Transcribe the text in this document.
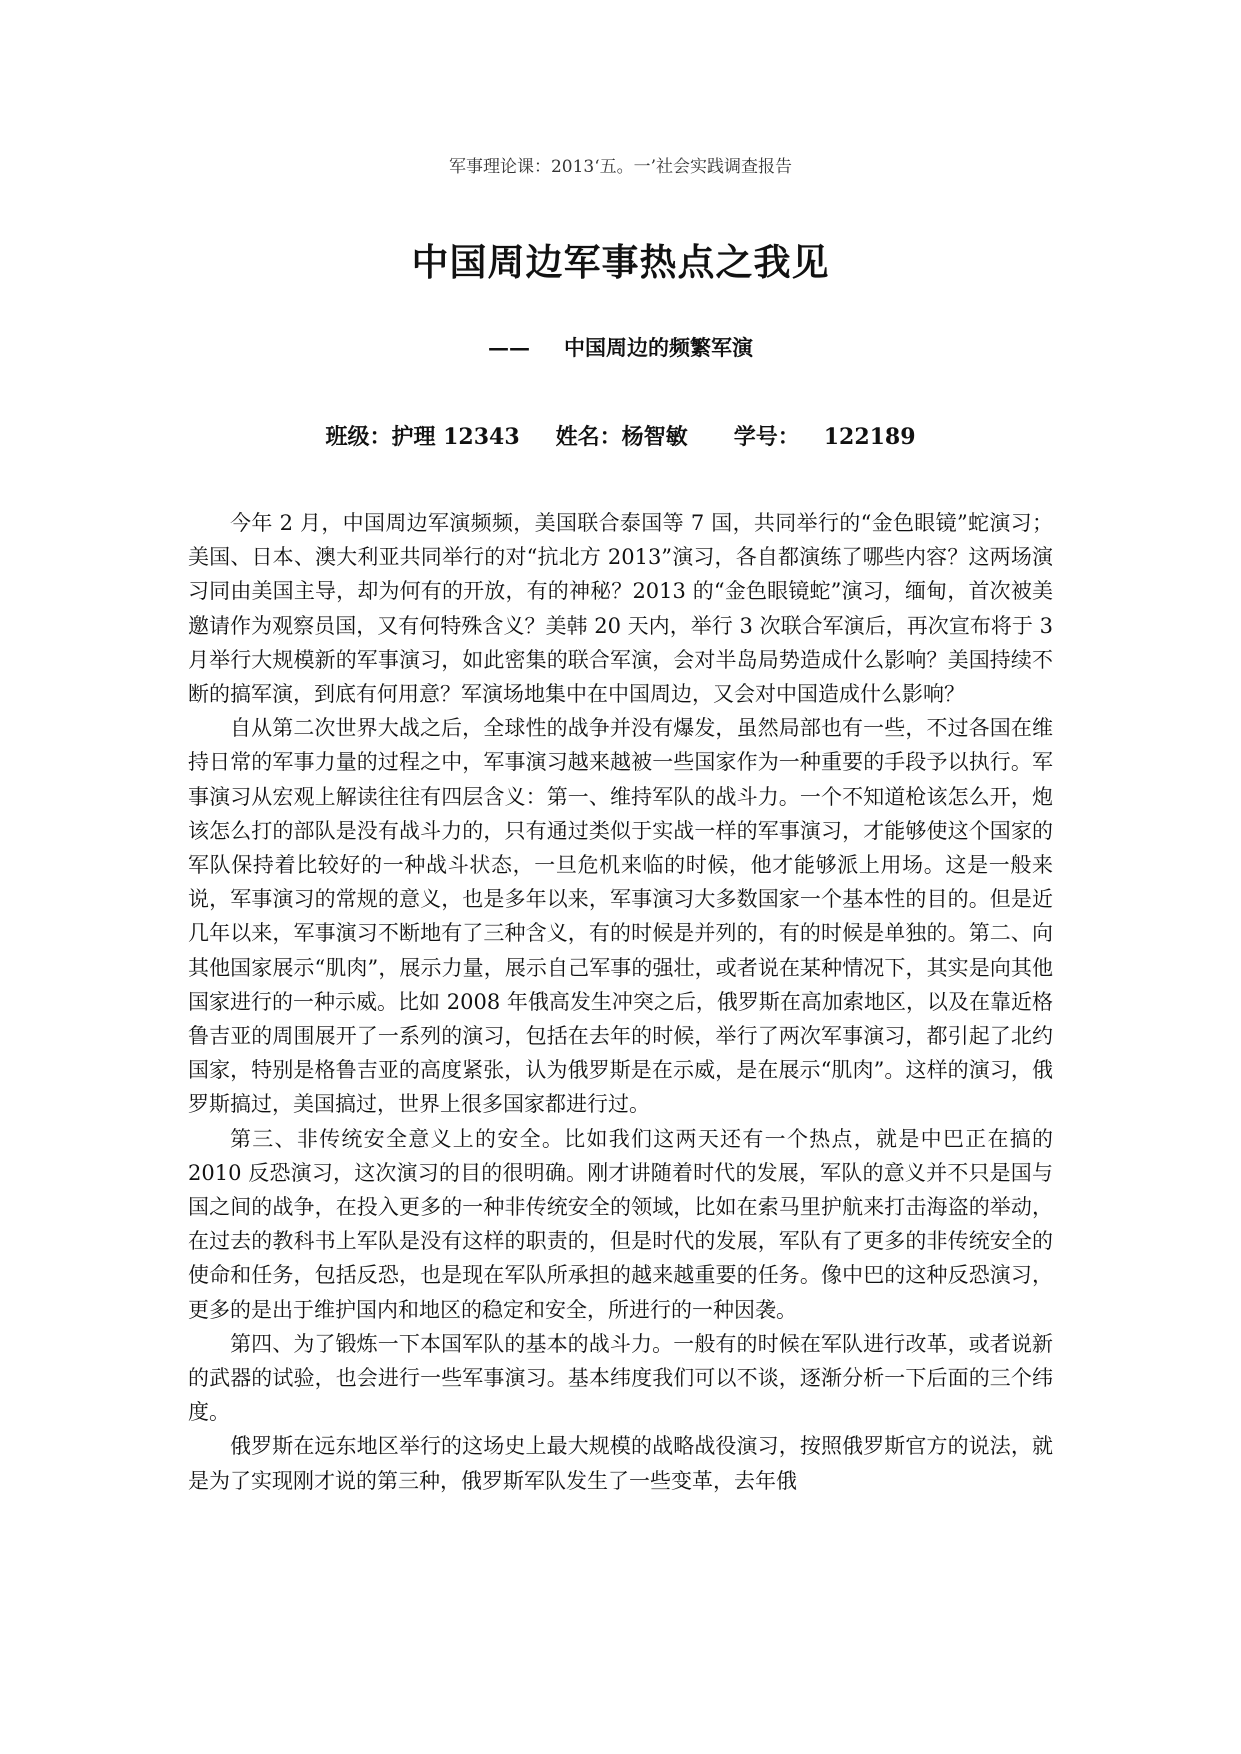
军事理论课：2013‘五。一’社会实践调查报告
中国周边军事热点之我见
—— 中国周边的频繁军演
班级：护理 12343 姓名：杨智敏 学号： 122189

今年 2 月，中国周边军演频频，美国联合泰国等 7 国，共同举行的“金色眼镜”蛇演习；美国、日本、澳大利亚共同举行的对“抗北方 2013”演习，各自都演练了哪些内容？这两场演习同由美国主导，却为何有的开放，有的神秘？2013 的“金色眼镜蛇”演习，缅甸，首次被美邀请作为观察员国，又有何特殊含义？美韩 20 天内，举行 3 次联合军演后，再次宣布将于 3 月举行大规模新的军事演习，如此密集的联合军演，会对半岛局势造成什么影响？美国持续不断的搞军演，到底有何用意？军演场地集中在中国周边，又会对中国造成什么影响？

自从第二次世界大战之后，全球性的战争并没有爆发，虽然局部也有一些，不过各国在维持日常的军事力量的过程之中，军事演习越来越被一些国家作为一种重要的手段予以执行。军事演习从宏观上解读往往有四层含义：第一、维持军队的战斗力。一个不知道枪该怎么开，炮该怎么打的部队是没有战斗力的，只有通过类似于实战一样的军事演习，才能够使这个国家的军队保持着比较好的一种战斗状态，一旦危机来临的时候，他才能够派上用场。这是一般来说，军事演习的常规的意义，也是多年以来，军事演习大多数国家一个基本性的目的。但是近几年以来，军事演习不断地有了三种含义，有的时候是并列的，有的时候是单独的。第二、向其他国家展示“肌肉”，展示力量，展示自己军事的强壮，或者说在某种情况下，其实是向其他国家进行的一种示威。比如 2008 年俄高发生冲突之后，俄罗斯在高加索地区，以及在靠近格鲁吉亚的周围展开了一系列的演习，包括在去年的时候，举行了两次军事演习，都引起了北约国家，特别是格鲁吉亚的高度紧张，认为俄罗斯是在示威，是在展示“肌肉”。这样的演习，俄罗斯搞过，美国搞过，世界上很多国家都进行过。

第三、非传统安全意义上的安全。比如我们这两天还有一个热点，就是中巴正在搞的 2010 反恐演习，这次演习的目的很明确。刚才讲随着时代的发展，军队的意义并不只是国与国之间的战争，在投入更多的一种非传统安全的领域，比如在索马里护航来打击海盗的举动，在过去的教科书上军队是没有这样的职责的，但是时代的发展，军队有了更多的非传统安全的使命和任务，包括反恐，也是现在军队所承担的越来越重要的任务。像中巴的这种反恐演习，更多的是出于维护国内和地区的稳定和安全，所进行的一种因袭。

第四、为了锻炼一下本国军队的基本的战斗力。一般有的时候在军队进行改革，或者说新的武器的试验，也会进行一些军事演习。基本纬度我们可以不谈，逐渐分析一下后面的三个纬度。

俄罗斯在远东地区举行的这场史上最大规模的战略战役演习，按照俄罗斯官方的说法，就是为了实现刚才说的第三种，俄罗斯军队发生了一些变革，去年俄
